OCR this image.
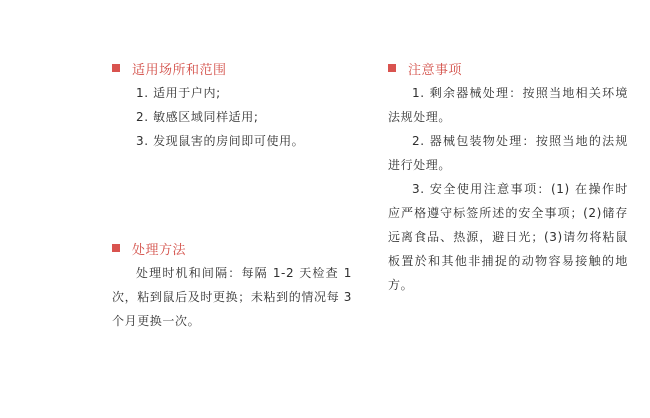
适用场所和范围
1. 适用于户内;
2. 敏感区域同样适用;
3. 发现鼠害的房间即可使用。
处理方法

处理时机和间隔：每隔 1-2 天检查 1 次，粘到鼠后及时更换；未粘到的情况每 3 个月更换一次。

注意事项

1. 剩余器械处理：按照当地相关环境法规处理。

2. 器械包装物处理：按照当地的法规进行处理。

3. 安全使用注意事项：(1) 在操作时应严格遵守标签所述的安全事项；(2)储存远离食品、热源，避日光；(3)请勿将粘鼠板置於和其他非捕捉的动物容易接触的地方。
